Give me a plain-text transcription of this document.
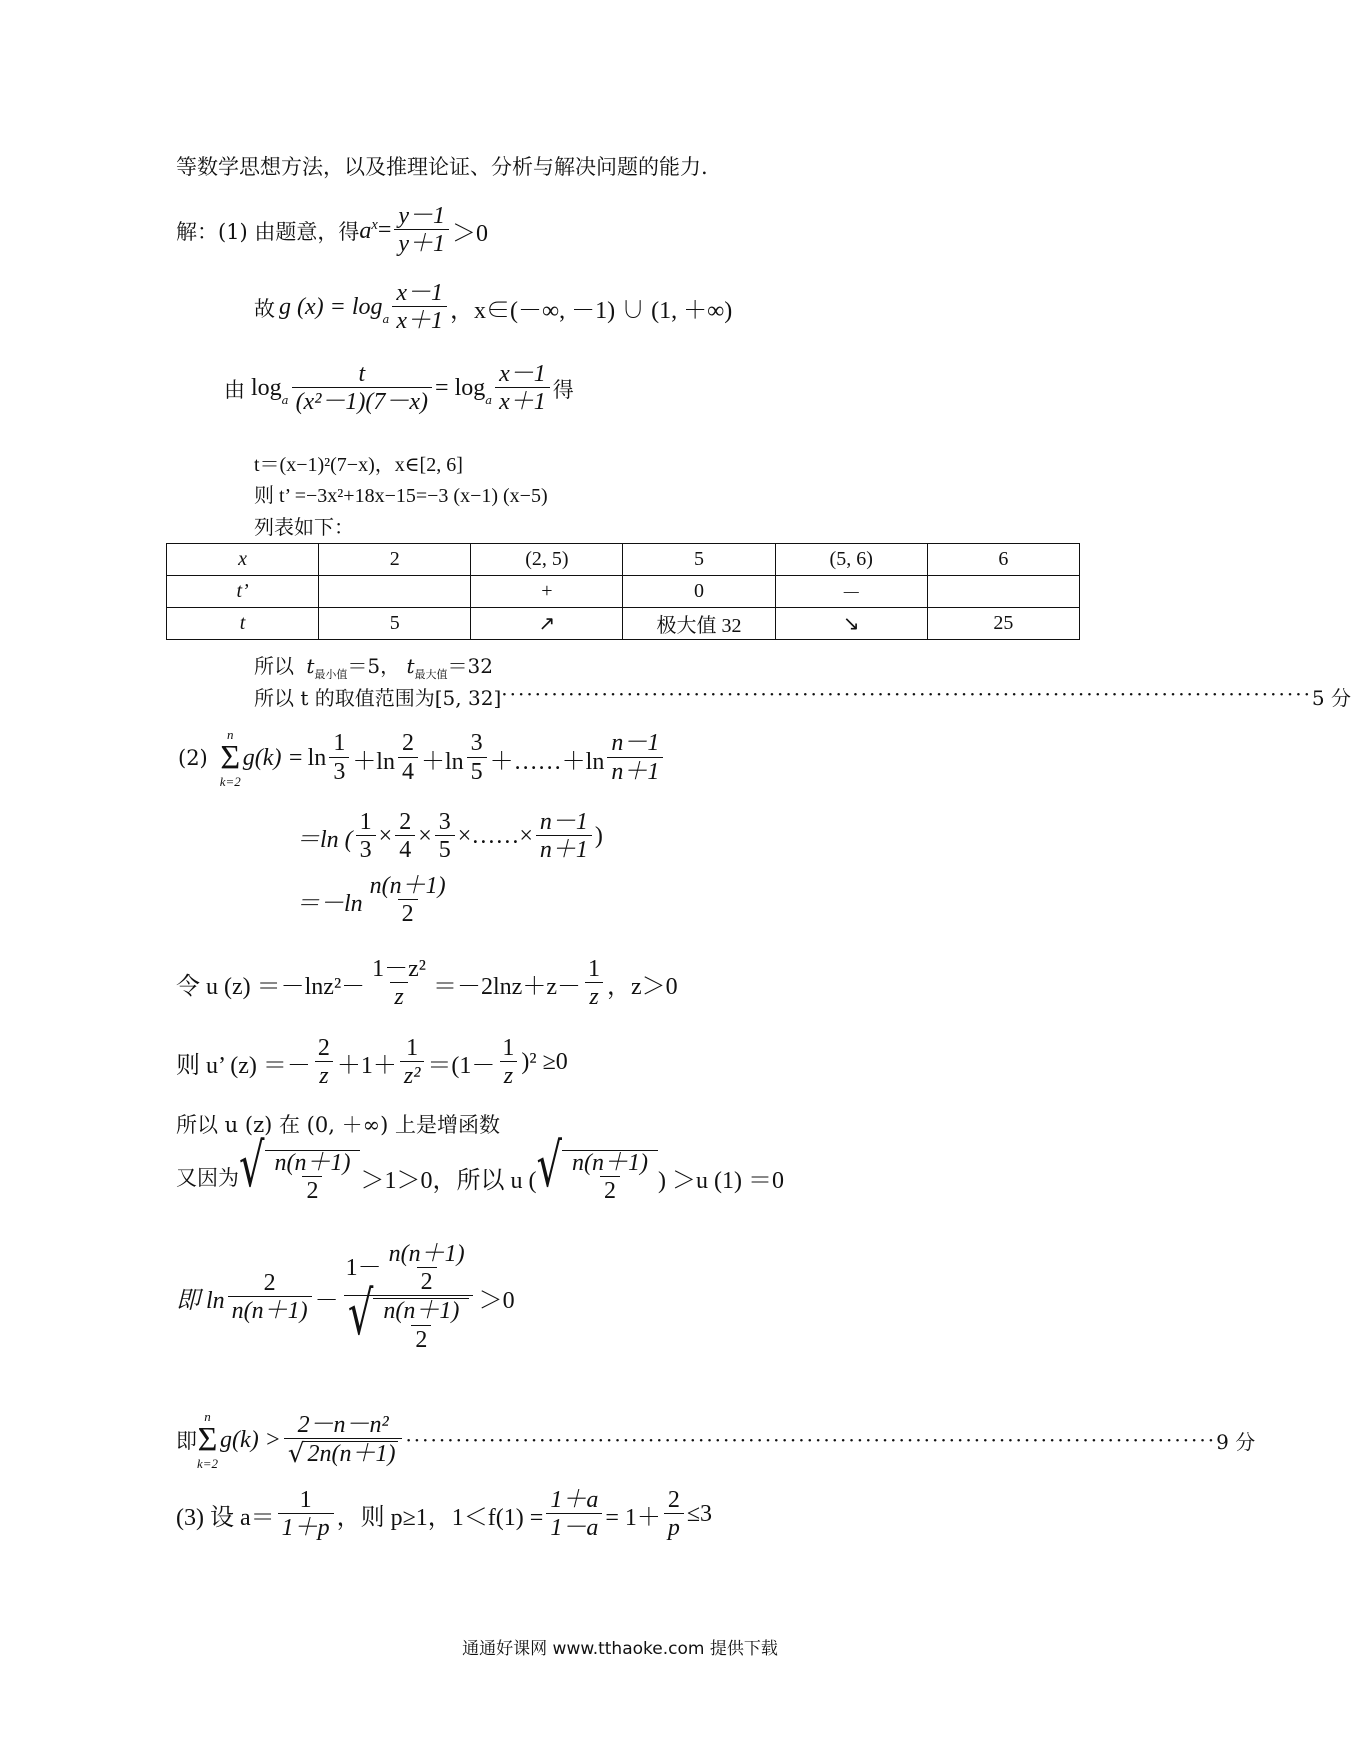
等数学思想方法，以及推理论证、分析与解决问题的能力.
解：(1) 由题意，得 $a^x = \frac{y-1}{y+1} >0$
故 g $(x) = \log_a \frac{x-1}{x+1}$ ，x∈(－∞, －1) ∪ (1, ＋∞)
由 $\log_a \frac{t}{\text{(x²－1)(7－x)}} = \log_a \frac{x-1}{x+1}$ 得
t＝(x−1)²(7−x)，x∈[2, 6]
则 t’ =−3x²+18x−15=−3 (x−1) (x−5)
列表如下：
x	2	(2, 5)	5	(5, 6)	6
t’		+	0	－	
t	5	↗	极大值 32	↘	25
所以 $t_{最小值}=5$， $t_{最大值}=32$
所以 t 的取值范围为[5, 32] ································································································· 5 分
(2)
n
Σ
k=2
$g(k) = \ln \frac{1}{3} +\ln \frac{2}{4} +\ln \frac{3}{5}$ ＋……＋ln $\frac{n-1}{n+1}$
＝ln ( $\frac{1}{3} \times \frac{2}{4} \times \frac{3}{5}$ × …… × $\frac{n-1}{n+1}$ )
$=-\ln \frac{n(n+1)}{2}$
令 u $(z) =-\ln z^2- \frac{\text{1－z²}}{z} =-2\ln z+z- \frac{1}{z}$ ，z＞0
则 u’ $(z) =- \frac{2}{z} +1+ \frac{1}{\text{z²}} =(1- \frac{1}{z} )^2 \ge 0$
所以 u (z) 在 (0, ＋∞) 上是增函数
又因为 √ $\frac{n(n+1)}{2} >1>0$，所以 u ( √ $\frac{n(n+1)}{2}$ ) ＞u (1) ＝0
即 $\ln \frac{2}{n(n+1)} - \frac{1- \frac{n(n+1)}{2}}{√ \frac{n(n+1)}{2}} >0$
即
n
Σ
k=2
$g(k) > \frac{\text{2－n－n²}}{√ 2n(n+1)}$ ································································································· 9 分
(3) 设 $a= \frac{1}{1+p}$ ，则 p≥1，$1<f(1) = \frac{1+a}{1-a} = 1+ \frac{2}{p} \le 3$
通通好课网 www.tthaoke.com 提供下载
